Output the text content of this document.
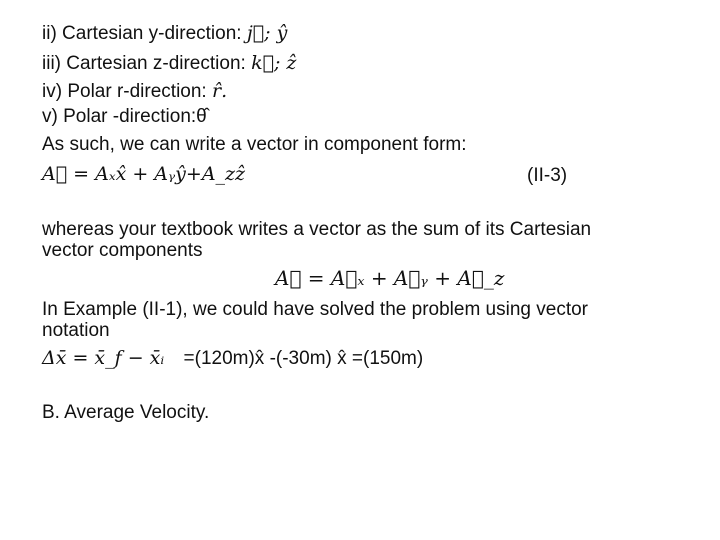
ii) Cartesian y-direction: j⃗; ŷ
iii) Cartesian z-direction: k⃗; ẑ
iv) Polar r-direction: r̂.
v) Polar -direction:θ̂
As such, we can write a vector in component form:
A⃗ = Aₓx̂ + Aᵧŷ+A_zẑ	(II-3)
whereas your textbook writes a vector as the sum of its Cartesian
vector components
A⃗ = A⃗ₓ + A⃗ᵧ + A⃗_z
In Example (II-1), we could have solved the problem using vector
notation
Δx̄ = x̄_f − x̄ᵢ =(120m)x̂ -(-30m) x̂ =(150m)
B. Average Velocity.
